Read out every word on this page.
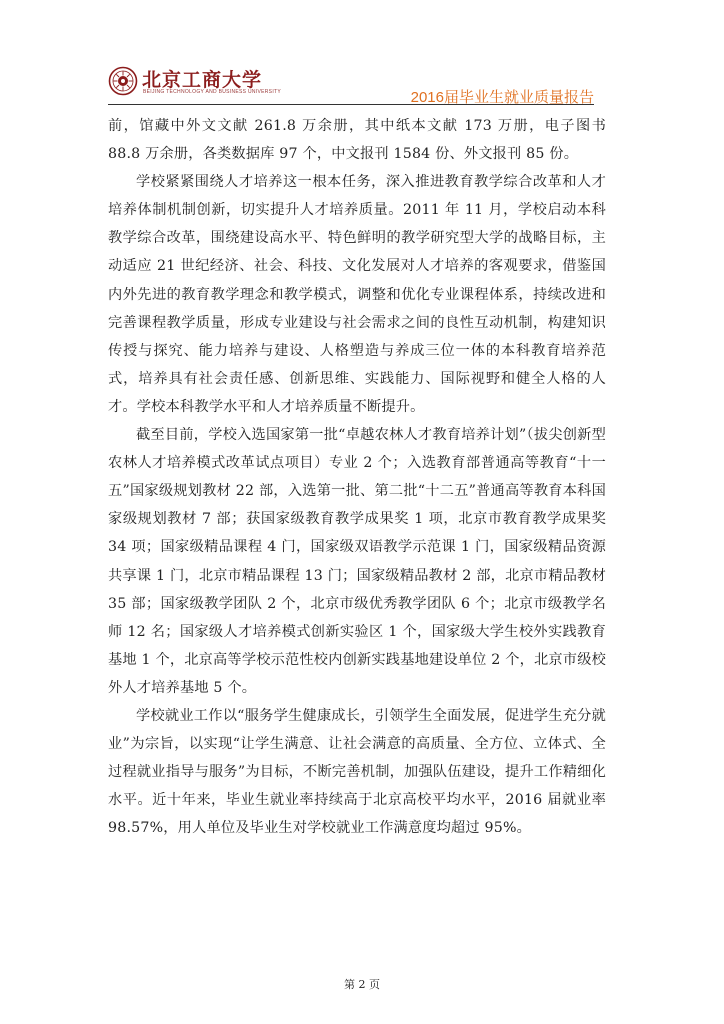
北京工商大学
BEIJING TECHNOLOGY AND BUSINESS UNIVERSITY	2016届毕业生就业质量报告

前，馆藏中外文文献 261.8 万余册，其中纸本文献 173 万册，电子图书 88.8 万余册，各类数据库 97 个，中文报刊 1584 份、外文报刊 85 份。

学校紧紧围绕人才培养这一根本任务，深入推进教育教学综合改革和人才培养体制机制创新，切实提升人才培养质量。2011 年 11 月，学校启动本科教学综合改革，围绕建设高水平、特色鲜明的教学研究型大学的战略目标，主动适应 21 世纪经济、社会、科技、文化发展对人才培养的客观要求，借鉴国内外先进的教育教学理念和教学模式，调整和优化专业课程体系，持续改进和完善课程教学质量，形成专业建设与社会需求之间的良性互动机制，构建知识传授与探究、能力培养与建设、人格塑造与养成三位一体的本科教育培养范式，培养具有社会责任感、创新思维、实践能力、国际视野和健全人格的人才。学校本科教学水平和人才培养质量不断提升。

截至目前，学校入选国家第一批“卓越农林人才教育培养计划”（拔尖创新型农林人才培养模式改革试点项目）专业 2 个；入选教育部普通高等教育“十一五”国家级规划教材 22 部，入选第一批、第二批“十二五”普通高等教育本科国家级规划教材 7 部；获国家级教育教学成果奖 1 项，北京市教育教学成果奖 34 项；国家级精品课程 4 门，国家级双语教学示范课 1 门，国家级精品资源共享课 1 门，北京市精品课程 13 门；国家级精品教材 2 部，北京市精品教材 35 部；国家级教学团队 2 个，北京市级优秀教学团队 6 个；北京市级教学名师 12 名；国家级人才培养模式创新实验区 1 个，国家级大学生校外实践教育基地 1 个，北京高等学校示范性校内创新实践基地建设单位 2 个，北京市级校外人才培养基地 5 个。

学校就业工作以“服务学生健康成长，引领学生全面发展，促进学生充分就业”为宗旨，以实现“让学生满意、让社会满意的高质量、全方位、立体式、全过程就业指导与服务”为目标，不断完善机制，加强队伍建设，提升工作精细化水平。近十年来，毕业生就业率持续高于北京高校平均水平，2016 届就业率 98.57%，用人单位及毕业生对学校就业工作满意度均超过 95%。

第 2 页
